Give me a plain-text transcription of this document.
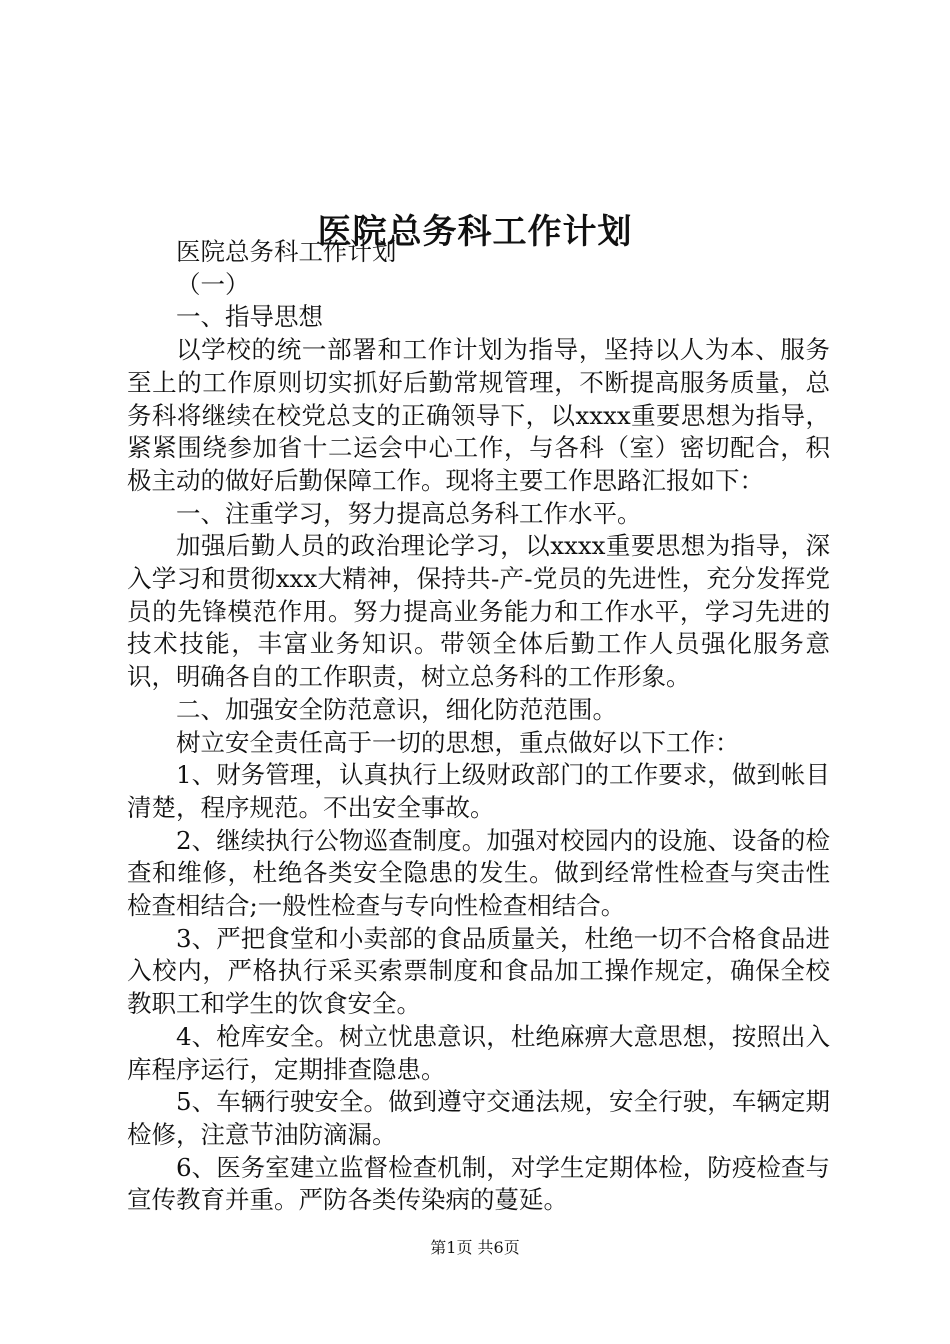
医院总务科工作计划

医院总务科工作计划

（一）

一、指导思想

以学校的统一部署和工作计划为指导，坚持以人为本、服务至上的工作原则切实抓好后勤常规管理，不断提高服务质量，总务科将继续在校党总支的正确领导下，以xxxx重要思想为指导，紧紧围绕参加省十二运会中心工作，与各科（室）密切配合，积极主动的做好后勤保障工作。现将主要工作思路汇报如下：

一、注重学习，努力提高总务科工作水平。

加强后勤人员的政治理论学习，以xxxx重要思想为指导，深入学习和贯彻xxx大精神，保持共-产-党员的先进性，充分发挥党员的先锋模范作用。努力提高业务能力和工作水平，学习先进的技术技能，丰富业务知识。带领全体后勤工作人员强化服务意识，明确各自的工作职责，树立总务科的工作形象。

二、加强安全防范意识，细化防范范围。

树立安全责任高于一切的思想，重点做好以下工作：

1、财务管理，认真执行上级财政部门的工作要求，做到帐目清楚，程序规范。不出安全事故。

2、继续执行公物巡查制度。加强对校园内的设施、设备的检查和维修，杜绝各类安全隐患的发生。做到经常性检查与突击性检查相结合;一般性检查与专向性检查相结合。

3、严把食堂和小卖部的食品质量关，杜绝一切不合格食品进入校内，严格执行采买索票制度和食品加工操作规定，确保全校教职工和学生的饮食安全。

4、枪库安全。树立忧患意识，杜绝麻痹大意思想，按照出入库程序运行，定期排查隐患。

5、车辆行驶安全。做到遵守交通法规，安全行驶，车辆定期检修，注意节油防滴漏。

6、医务室建立监督检查机制，对学生定期体检，防疫检查与宣传教育并重。严防各类传染病的蔓延。

第1页 共6页
